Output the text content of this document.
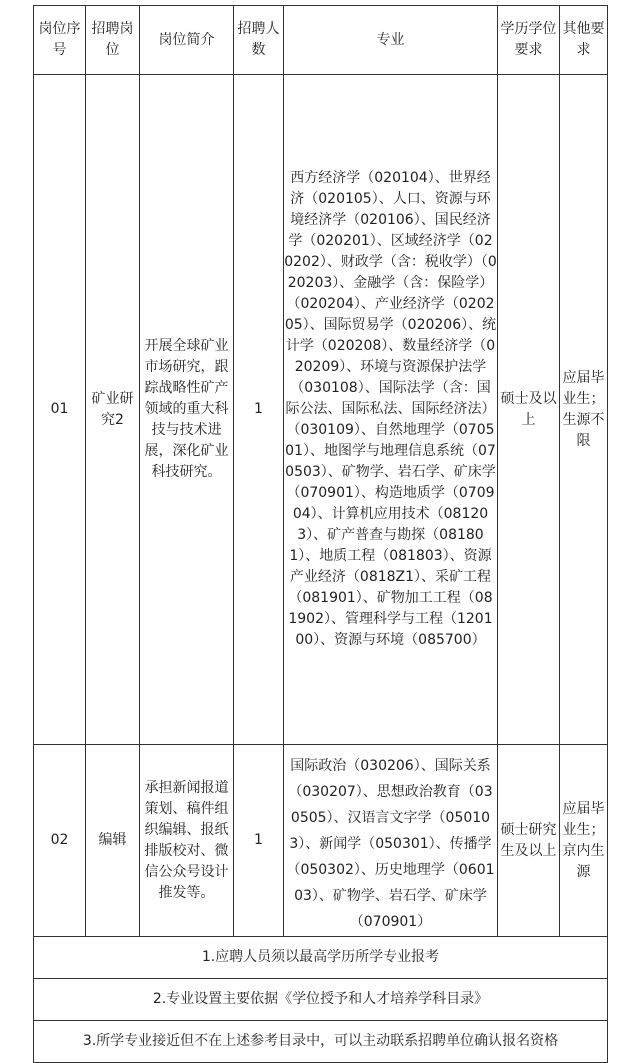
岗位序号	招聘岗位	岗位简介	招聘人数	专业	学历学位要求	其他要求
01	矿业研究2	开展全球矿业市场研究，跟踪战略性矿产领域的重大科技与技术进展，深化矿业科技研究。	1	西方经济学（020104）、世界经济（020105）、人口、资源与环境经济学（020106）、国民经济学（020201）、区域经济学（020202）、财政学（含：税收学）（020203）、金融学（含：保险学）（020204）、产业经济学（020205）、国际贸易学（020206）、统计学（020208）、数量经济学（020209）、环境与资源保护法学（030108）、国际法学（含：国际公法、国际私法、国际经济法）（030109）、自然地理学（070501）、地图学与地理信息系统（070503）、矿物学、岩石学、矿床学（070901）、构造地质学（070904）、计算机应用技术（081203）、矿产普查与勘探（081801）、地质工程（081803）、资源产业经济（0818Z1）、采矿工程（081901）、矿物加工工程（081902）、管理科学与工程（120100）、资源与环境（085700）	硕士及以上	应届毕业生；生源不限
02	编辑	承担新闻报道策划、稿件组织编辑、报纸排版校对、微信公众号设计推发等。	1	国际政治（030206）、国际关系（030207）、思想政治教育（030505）、汉语言文字学（050103）、新闻学（050301）、传播学（050302）、历史地理学（060103）、矿物学、岩石学、矿床学（070901）	硕士研究生及以上	应届毕业生；京内生源
1.应聘人员须以最高学历所学专业报考						
2.专业设置主要依据《学位授予和人才培养学科目录》						
3.所学专业接近但不在上述参考目录中，可以主动联系招聘单位确认报名资格						
